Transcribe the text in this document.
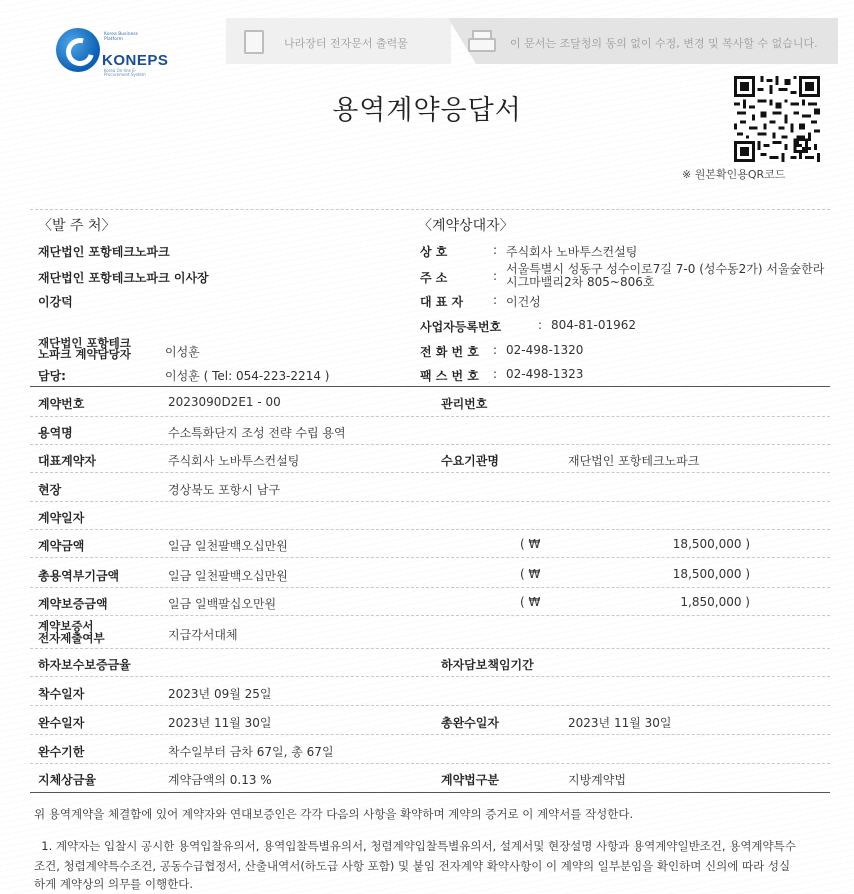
Korea Business Platform
KONEPS
Korea On-line E-Procurement System
나라장터 전자문서 출력물	이 문서는 조달청의 동의 없이 수정, 변경 및 복사할 수 없습니다.
용역계약응답서
※ 원본확인용QR코드
〈발 주 처〉
재단법인 포항테크노파크
재단법인 포항테크노파크 이사장
이강덕
재단법인 포항테크
노파크 계약담당자	이성훈
담당:	이성훈 ( Tel: 054-223-2214 )
〈계약상대자〉
상 호	: 주식회사 노바투스컨설팅
주 소	: 서울특별시 성동구 성수이로7길 7-0 (성수동2가) 서울숲한라
시그마밸리2차 805~806호
대 표 자 : 이건성
사업자등록번호	: 804-81-01962
전 화 번 호 : 02-498-1320
팩 스 번 호 : 02-498-1323
계약번호	2023090D2E1 - 00	관리번호
용역명	수소특화단지 조성 전략 수립 용역
대표계약자	주식회사 노바투스컨설팅	수요기관명	재단법인 포항테크노파크
현장	경상북도 포항시 남구
계약일자
계약금액	일금 일천팔백오십만원	( ₩	18,500,000 )
총용역부기금액	일금 일천팔백오십만원	( ₩	18,500,000 )
계약보증금액	일금 일백팔십오만원	( ₩	1,850,000 )
계약보증서
전자제출여부	지급각서대체
하자보수보증금율	하자담보책임기간
착수일자	2023년 09월 25일
완수일자	2023년 11월 30일	총완수일자	2023년 11월 30일
완수기한	착수일부터 금차 67일, 총 67일
지체상금율	계약금액의 0.13 %	계약법구분	지방계약법
위 용역계약을 체결함에 있어 계약자와 연대보증인은 각각 다음의 사항을 확약하며 계약의 증거로 이 계약서를 작성한다.
1. 계약자는 입찰시 공시한 용역입찰유의서, 용역입찰특별유의서, 청렴계약입찰특별유의서, 설계서및 현장설명 사항과 용역계약일반조건, 용역계약특수
조건, 청렴계약특수조건, 공동수급협정서, 산출내역서(하도급 사항 포함) 및 붙임 전자계약 확약사항이 이 계약의 일부분임을 확인하며 신의에 따라 성실
하게 계약상의 의무를 이행한다.
